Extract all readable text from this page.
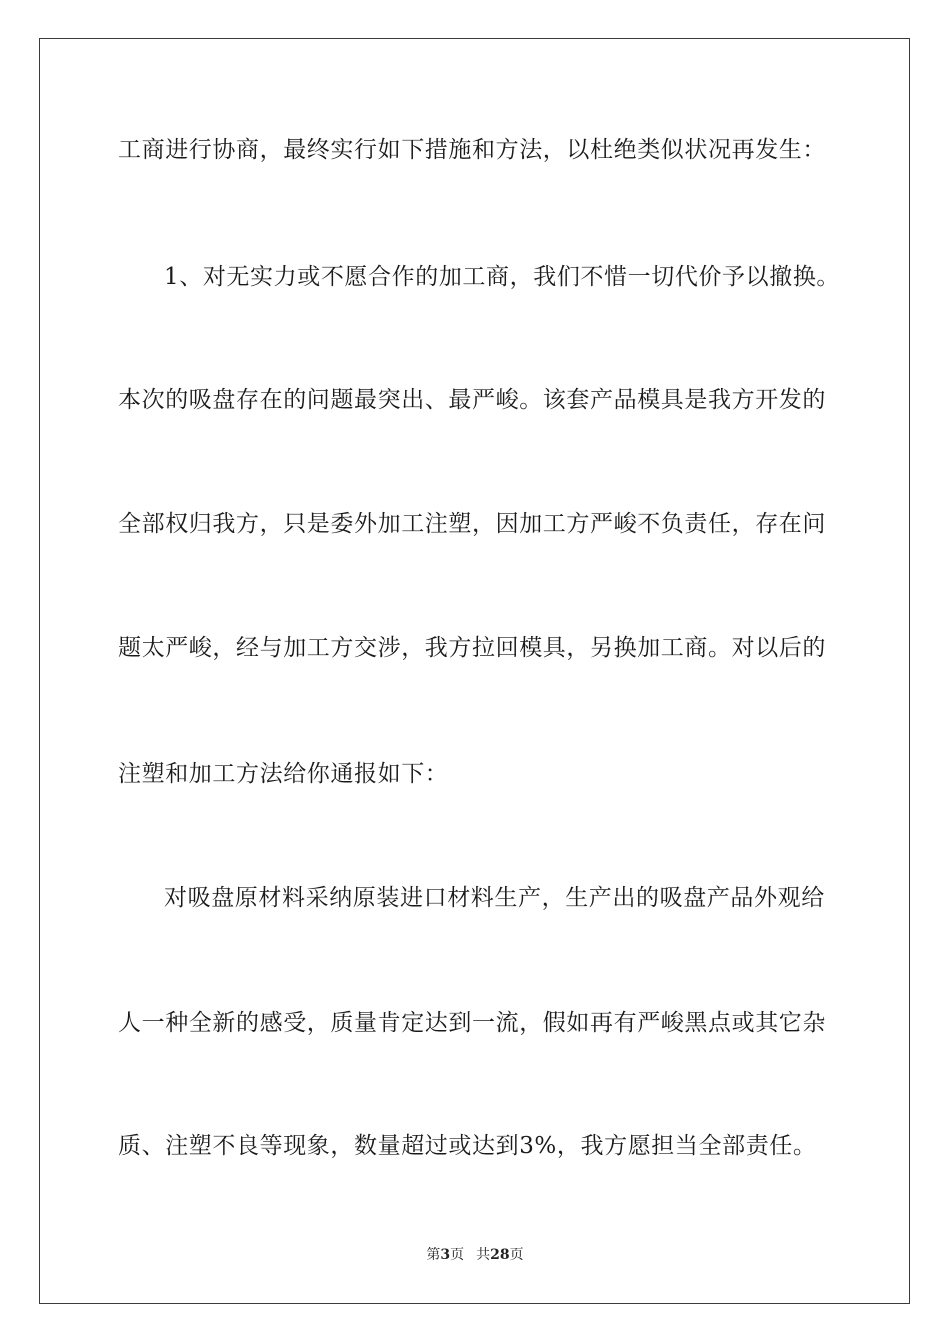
工商进行协商，最终实行如下措施和方法，以杜绝类似状况再发生：
1、对无实力或不愿合作的加工商，我们不惜一切代价予以撤换。
本次的吸盘存在的问题最突出、最严峻。该套产品模具是我方开发的
全部权归我方，只是委外加工注塑，因加工方严峻不负责任，存在问
题太严峻，经与加工方交涉，我方拉回模具，另换加工商。对以后的
注塑和加工方法给你通报如下：
对吸盘原材料采纳原装进口材料生产，生产出的吸盘产品外观给
人一种全新的感受，质量肯定达到一流，假如再有严峻黑点或其它杂
质、注塑不良等现象，数量超过或达到3%，我方愿担当全部责任。
第3页 共28页
